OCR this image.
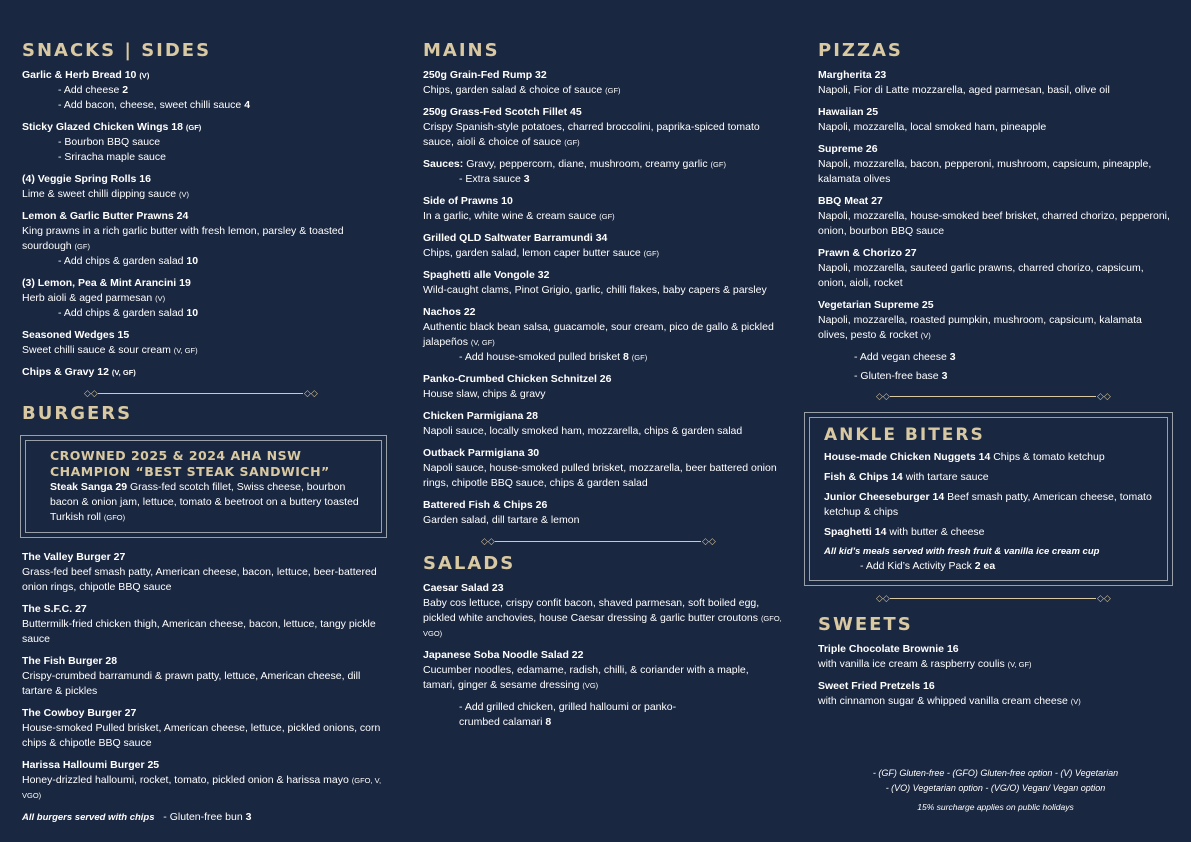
SNACKS | SIDES
Garlic & Herb Bread 10 (V)
- Add cheese 2
- Add bacon, cheese, sweet chilli sauce 4
Sticky Glazed Chicken Wings 18 (GF)
- Bourbon BBQ sauce
- Sriracha maple sauce
(4) Veggie Spring Rolls 16
Lime & sweet chilli dipping sauce (V)
Lemon & Garlic Butter Prawns 24
King prawns in a rich garlic butter with fresh lemon, parsley & toasted sourdough (GF)
- Add chips & garden salad 10
(3) Lemon, Pea & Mint Arancini 19
Herb aioli & aged parmesan (V)
- Add chips & garden salad 10
Seasoned Wedges 15
Sweet chilli sauce & sour cream (V, GF)
Chips & Gravy 12 (V, GF)
◇◇	◇◇
BURGERS
CROWNED 2025 & 2024 AHA NSW CHAMPION “BEST STEAK SANDWICH”
Steak Sanga 29 Grass-fed scotch fillet, Swiss cheese, bourbon bacon & onion jam, lettuce, tomato & beetroot on a buttery toasted Turkish roll (GFO)
The Valley Burger 27
Grass-fed beef smash patty, American cheese, bacon, lettuce, beer-battered onion rings, chipotle BBQ sauce
The S.F.C. 27
Buttermilk-fried chicken thigh, American cheese, bacon, lettuce, tangy pickle sauce
The Fish Burger 28
Crispy-crumbed barramundi & prawn patty, lettuce, American cheese, dill tartare & pickles
The Cowboy Burger 27
House-smoked Pulled brisket, American cheese, lettuce, pickled onions, corn chips & chipotle BBQ sauce
Harissa Halloumi Burger 25
Honey-drizzled halloumi, rocket, tomato, pickled onion & harissa mayo (GFO, V, VGO)
All burgers served with chips - Gluten-free bun 3
MAINS
250g Grain-Fed Rump 32
Chips, garden salad & choice of sauce (GF)
250g Grass-Fed Scotch Fillet 45
Crispy Spanish-style potatoes, charred broccolini, paprika-spiced tomato sauce, aioli & choice of sauce (GF)
Sauces: Gravy, peppercorn, diane, mushroom, creamy garlic (GF)
- Extra sauce 3
Side of Prawns 10
In a garlic, white wine & cream sauce (GF)
Grilled QLD Saltwater Barramundi 34
Chips, garden salad, lemon caper butter sauce (GF)
Spaghetti alle Vongole 32
Wild-caught clams, Pinot Grigio, garlic, chilli flakes, baby capers & parsley
Nachos 22
Authentic black bean salsa, guacamole, sour cream, pico de gallo & pickled jalapeños (V, GF)
- Add house-smoked pulled brisket 8 (GF)
Panko-Crumbed Chicken Schnitzel 26
House slaw, chips & gravy
Chicken Parmigiana 28
Napoli sauce, locally smoked ham, mozzarella, chips & garden salad
Outback Parmigiana 30
Napoli sauce, house-smoked pulled brisket, mozzarella, beer battered onion rings, chipotle BBQ sauce, chips & garden salad
Battered Fish & Chips 26
Garden salad, dill tartare & lemon
◇◇	◇◇
SALADS
Caesar Salad 23
Baby cos lettuce, crispy confit bacon, shaved parmesan, soft boiled egg, pickled white anchovies, house Caesar dressing & garlic butter croutons (GFO, VGO)
Japanese Soba Noodle Salad 22
Cucumber noodles, edamame, radish, chilli, & coriander with a maple, tamari, ginger & sesame dressing (VG)
- Add grilled chicken, grilled halloumi or panko-crumbed calamari 8
PIZZAS
Margherita 23
Napoli, Fior di Latte mozzarella, aged parmesan, basil, olive oil
Hawaiian 25
Napoli, mozzarella, local smoked ham, pineapple
Supreme 26
Napoli, mozzarella, bacon, pepperoni, mushroom, capsicum, pineapple, kalamata olives
BBQ Meat 27
Napoli, mozzarella, house-smoked beef brisket, charred chorizo, pepperoni, onion, bourbon BBQ sauce
Prawn & Chorizo 27
Napoli, mozzarella, sauteed garlic prawns, charred chorizo, capsicum, onion, aioli, rocket
Vegetarian Supreme 25
Napoli, mozzarella, roasted pumpkin, mushroom, capsicum, kalamata olives, pesto & rocket (V)
- Add vegan cheese 3
- Gluten-free base 3
◇◇	◇◇
ANKLE BITERS
House-made Chicken Nuggets 14 Chips & tomato ketchup
Fish & Chips 14 with tartare sauce
Junior Cheeseburger 14 Beef smash patty, American cheese, tomato ketchup & chips
Spaghetti 14 with butter & cheese
All kid’s meals served with fresh fruit & vanilla ice cream cup
- Add Kid’s Activity Pack 2 ea
◇◇	◇◇
SWEETS
Triple Chocolate Brownie 16
with vanilla ice cream & raspberry coulis (V, GF)
Sweet Fried Pretzels 16
with cinnamon sugar & whipped vanilla cream cheese (V)
- (GF) Gluten-free - (GFO) Gluten-free option - (V) Vegetarian
- (VO) Vegetarian option - (VG/O) Vegan/ Vegan option
15% surcharge applies on public holidays
